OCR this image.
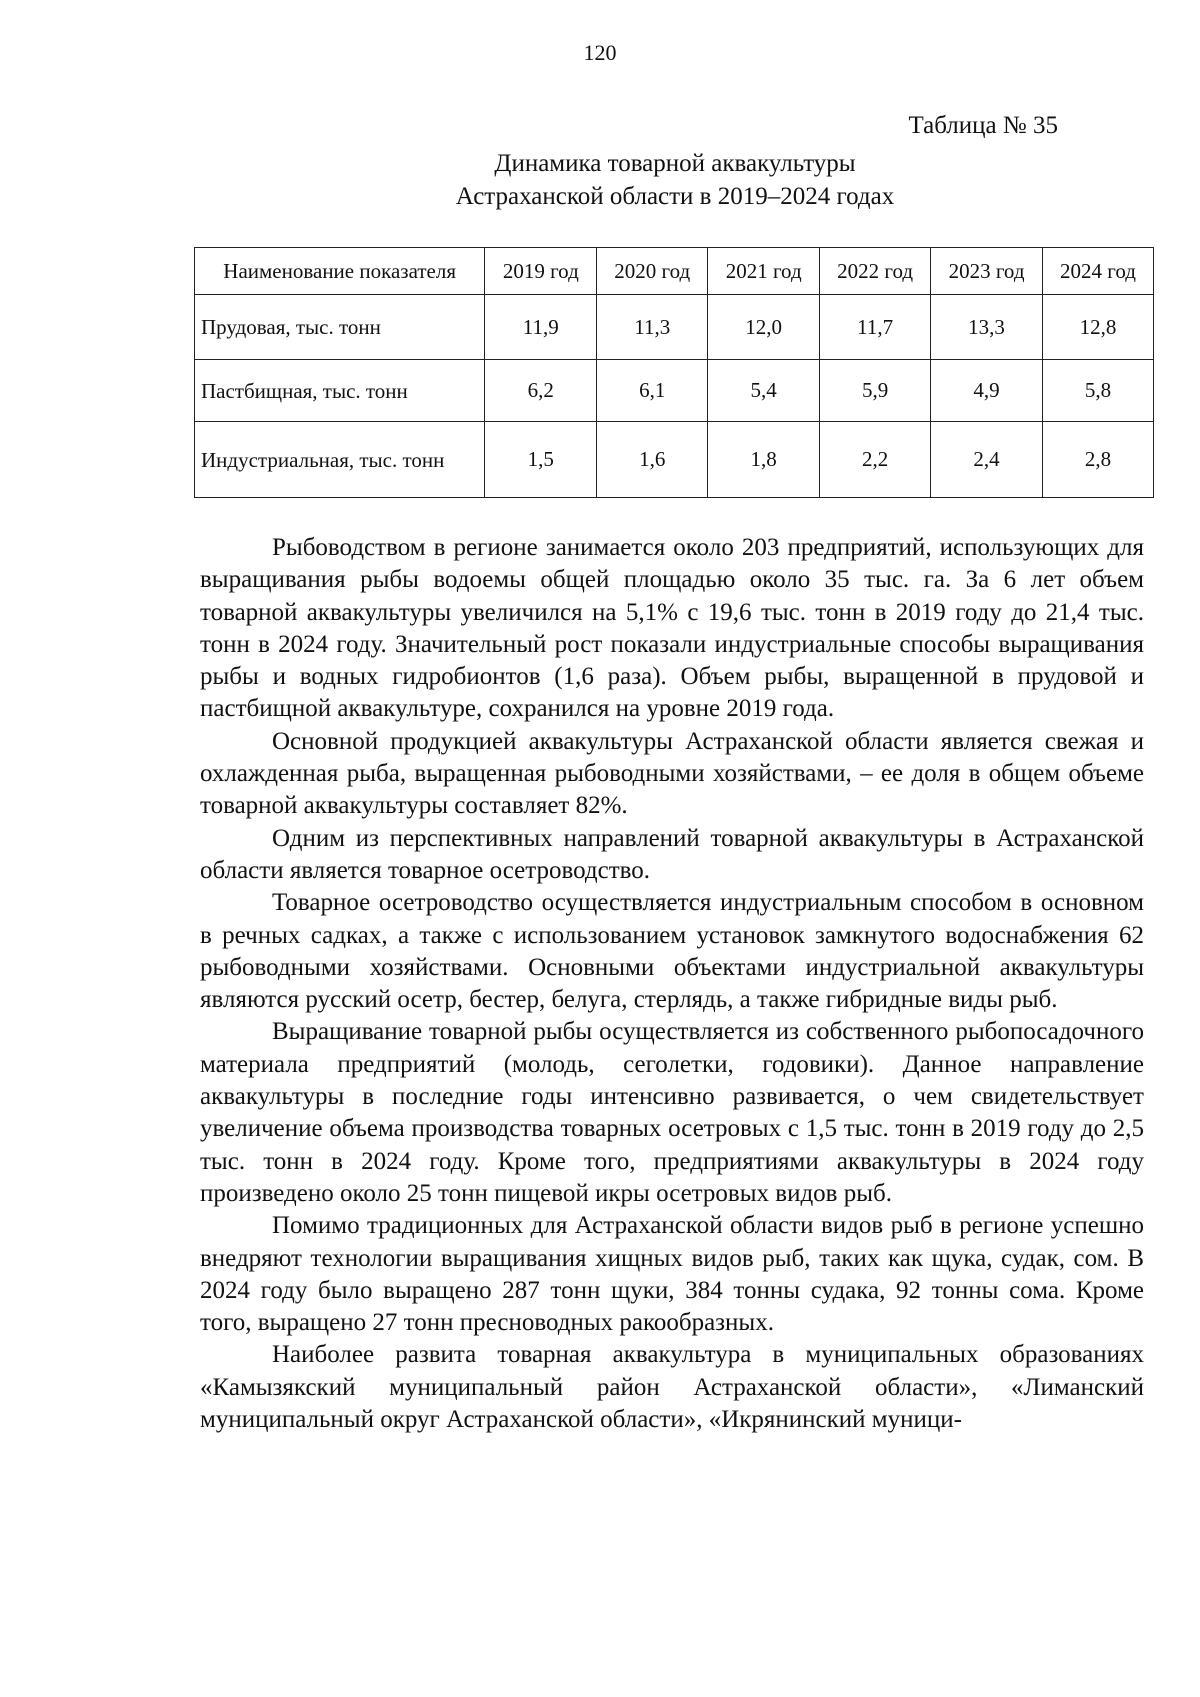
120
Таблица № 35
Динамика товарной аквакультуры
Астраханской области в 2019–2024 годах
Наименование показателя	2019 год	2020 год	2021 год	2022 год	2023 год	2024 год
Прудовая, тыс. тонн	11,9	11,3	12,0	11,7	13,3	12,8
Пастбищная, тыс. тонн	6,2	6,1	5,4	5,9	4,9	5,8
Индустриальная, тыс. тонн	1,5	1,6	1,8	2,2	2,4	2,8

Рыбоводством в регионе занимается около 203 предприятий, использующих для выращивания рыбы водоемы общей площадью около 35 тыс. га. За 6 лет объем товарной аквакультуры увеличился на 5,1% с 19,6 тыс. тонн в 2019 году до 21,4 тыс. тонн в 2024 году. Значительный рост показали индустриальные способы выращивания рыбы и водных гидробионтов (1,6 раза). Объем рыбы, выращенной в прудовой и пастбищной аквакультуре, сохранился на уровне 2019 года.

Основной продукцией аквакультуры Астраханской области является свежая и охлажденная рыба, выращенная рыбоводными хозяйствами, – ее доля в общем объеме товарной аквакультуры составляет 82%.

Одним из перспективных направлений товарной аквакультуры в Астраханской области является товарное осетроводство.

Товарное осетроводство осуществляется индустриальным способом в основном в речных садках, а также с использованием установок замкнутого водоснабжения 62 рыбоводными хозяйствами. Основными объектами индустриальной аквакультуры являются русский осетр, бестер, белуга, стерлядь, а также гибридные виды рыб.

Выращивание товарной рыбы осуществляется из собственного рыбопосадочного материала предприятий (молодь, сеголетки, годовики). Данное направление аквакультуры в последние годы интенсивно развивается, о чем свидетельствует увеличение объема производства товарных осетровых с 1,5 тыс. тонн в 2019 году до 2,5 тыс. тонн в 2024 году. Кроме того, предприятиями аквакультуры в 2024 году произведено около 25 тонн пищевой икры осетровых видов рыб.

Помимо традиционных для Астраханской области видов рыб в регионе успешно внедряют технологии выращивания хищных видов рыб, таких как щука, судак, сом. В 2024 году было выращено 287 тонн щуки, 384 тонны судака, 92 тонны сома. Кроме того, выращено 27 тонн пресноводных ракообразных.

Наиболее развита товарная аквакультура в муниципальных образованиях «Камызякский муниципальный район Астраханской области», «Лиманский муниципальный округ Астраханской области», «Икрянинский муници-
